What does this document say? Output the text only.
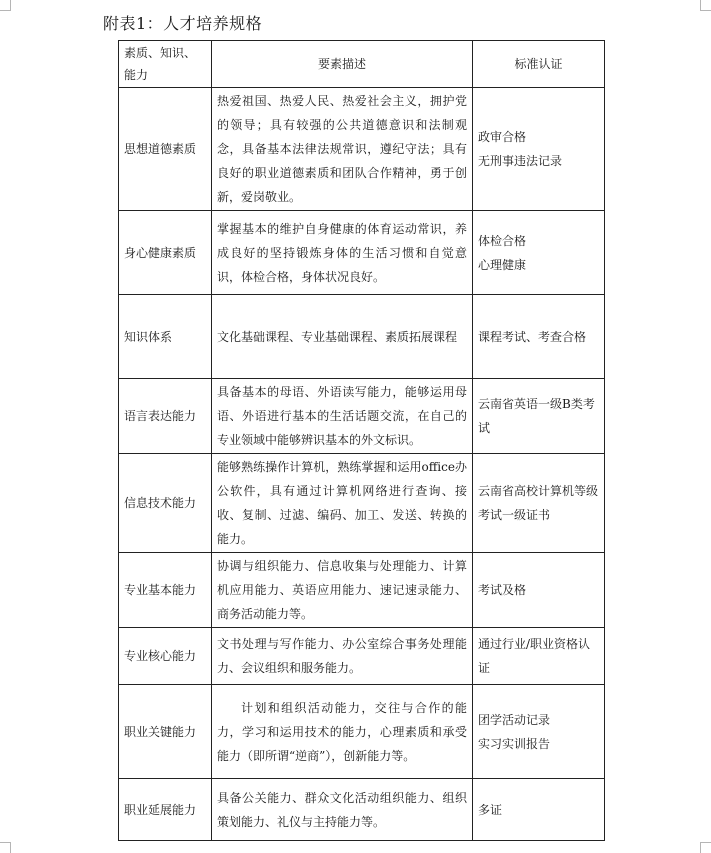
附表1：人才培养规格
素质、知识、能力	要素描述	标准认证
思想道德素质	热爱祖国、热爱人民、热爱社会主义，拥护党的领导；具有较强的公共道德意识和法制观念，具备基本法律法规常识，遵纪守法；具有良好的职业道德素质和团队合作精神，勇于创新，爱岗敬业。	政审合格
无刑事违法记录

身心健康素质	掌握基本的维护自身健康的体育运动常识，养成良好的坚持锻炼身体的生活习惯和自觉意识，体检合格，身体状况良好。	体检合格
心理健康

知识体系	文化基础课程、专业基础课程、素质拓展课程	课程考试、考查合格

语言表达能力	具备基本的母语、外语读写能力，能够运用母语、外语进行基本的生活话题交流，在自己的专业领域中能够辨识基本的外文标识。	云南省英语一级B类考试

信息技术能力	能够熟练操作计算机，熟练掌握和运用office办公软件，具有通过计算机网络进行查询、接收、复制、过滤、编码、加工、发送、转换的能力。	云南省高校计算机等级考试一级证书

专业基本能力	协调与组织能力、信息收集与处理能力、计算机应用能力、英语应用能力、速记速录能力、商务活动能力等。	考试及格

专业核心能力	文书处理与写作能力、办公室综合事务处理能力、会议组织和服务能力。	通过行业/职业资格认证

职业关键能力	计划和组织活动能力，交往与合作的能力，学习和运用技术的能力，心理素质和承受能力（即所谓“逆商”），创新能力等。	团学活动记录
实习实训报告

职业延展能力	具备公关能力、群众文化活动组织能力、组织策划能力、礼仪与主持能力等。	多证
